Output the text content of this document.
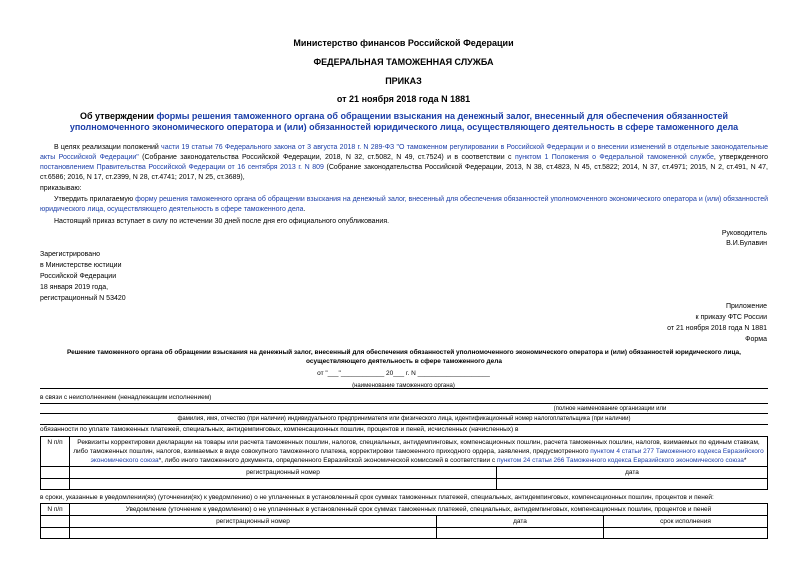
Министерство финансов Российской Федерации
ФЕДЕРАЛЬНАЯ ТАМОЖЕННАЯ СЛУЖБА
ПРИКАЗ
от 21 ноября 2018 года N 1881
Об утверждении формы решения таможенного органа об обращении взыскания на денежный залог, внесенный для обеспечения обязанностей уполномоченного экономического оператора и (или) обязанностей юридического лица, осуществляющего деятельность в сфере таможенного дела
В целях реализации положений части 19 статьи 76 Федерального закона от 3 августа 2018 г. N 289-ФЗ "О таможенном регулировании в Российской Федерации и о внесении изменений в отдельные законодательные акты Российской Федерации" (Собрание законодательства Российской Федерации, 2018, N 32, ст.5082, N 49, ст.7524) и в соответствии с пунктом 1 Положения о Федеральной таможенной службе, утвержденного постановлением Правительства Российской Федерации от 16 сентября 2013 г. N 809 (Собрание законодательства Российской Федерации, 2013, N 38, ст.4823, N 45, ст.5822; 2014, N 37, ст.4971; 2015, N 2, ст.491, N 47, ст.6586; 2016, N 17, ст.2399, N 28, ст.4741; 2017, N 25, ст.3689),
приказываю:
Утвердить прилагаемую форму решения таможенного органа об обращении взыскания на денежный залог, внесенный для обеспечения обязанностей уполномоченного экономического оператора и (или) обязанностей юридического лица, осуществляющего деятельность в сфере таможенного дела.
Настоящий приказ вступает в силу по истечении 30 дней после дня его официального опубликования.
Руководитель
В.И.Булавин
Зарегистрировано
в Министерстве юстиции
Российской Федерации
18 января 2019 года,
регистрационный N 53420
Приложение
к приказу ФТС России
от 21 ноября 2018 года N 1881
Форма
Решение таможенного органа об обращении взыскания на денежный залог, внесенный для обеспечения обязанностей уполномоченного экономического оператора и (или) обязанностей юридического лица, осуществляющего деятельность в сфере таможенного дела
от "___"____________ 20___ г. N ____________________
(наименование таможенного органа)
в связи с неисполнением (ненадлежащим исполнением)
(полное наименование организации или
фамилия, имя, отчество (при наличии) индивидуального предпринимателя или физического лица, идентификационный номер налогоплательщика (при наличии)
обязанности по уплате таможенных платежей, специальных, антидемпинговых, компенсационных пошлин, процентов и пеней, исчисленных (начисленных) в
N п/п	Реквизиты корректировки декларации на товары или расчета таможенных пошлин, налогов, специальных, антидемпинговых, компенсационных пошлин, расчета таможенных пошлин, налогов, взимаемых по единым ставкам, либо таможенных пошлин, налогов, взимаемых в виде совокупного таможенного платежа, корректировки таможенного приходного ордера, заявления, предусмотренного пунктом 4 статьи 277 Таможенного кодекса Евразийского экономического союза*, либо иного таможенного документа, определенного Евразийской экономической комиссией в соответствии с пунктом 24 статьи 266 Таможенного кодекса Евразийского экономического союза*	
	регистрационный номер	дата

в сроки, указанные в уведомлении(ях) (уточнении(ях) к уведомлению) о не уплаченных в установленный срок суммах таможенных платежей, специальных, антидемпинговых, компенсационных пошлин, процентов и пеней:
N п/п	Уведомление (уточнение к уведомлению) о не уплаченных в установленный срок суммах таможенных платежей, специальных, антидемпинговых, компенсационных пошлин, процентов и пеней		
	регистрационный номер	дата	срок исполнения
